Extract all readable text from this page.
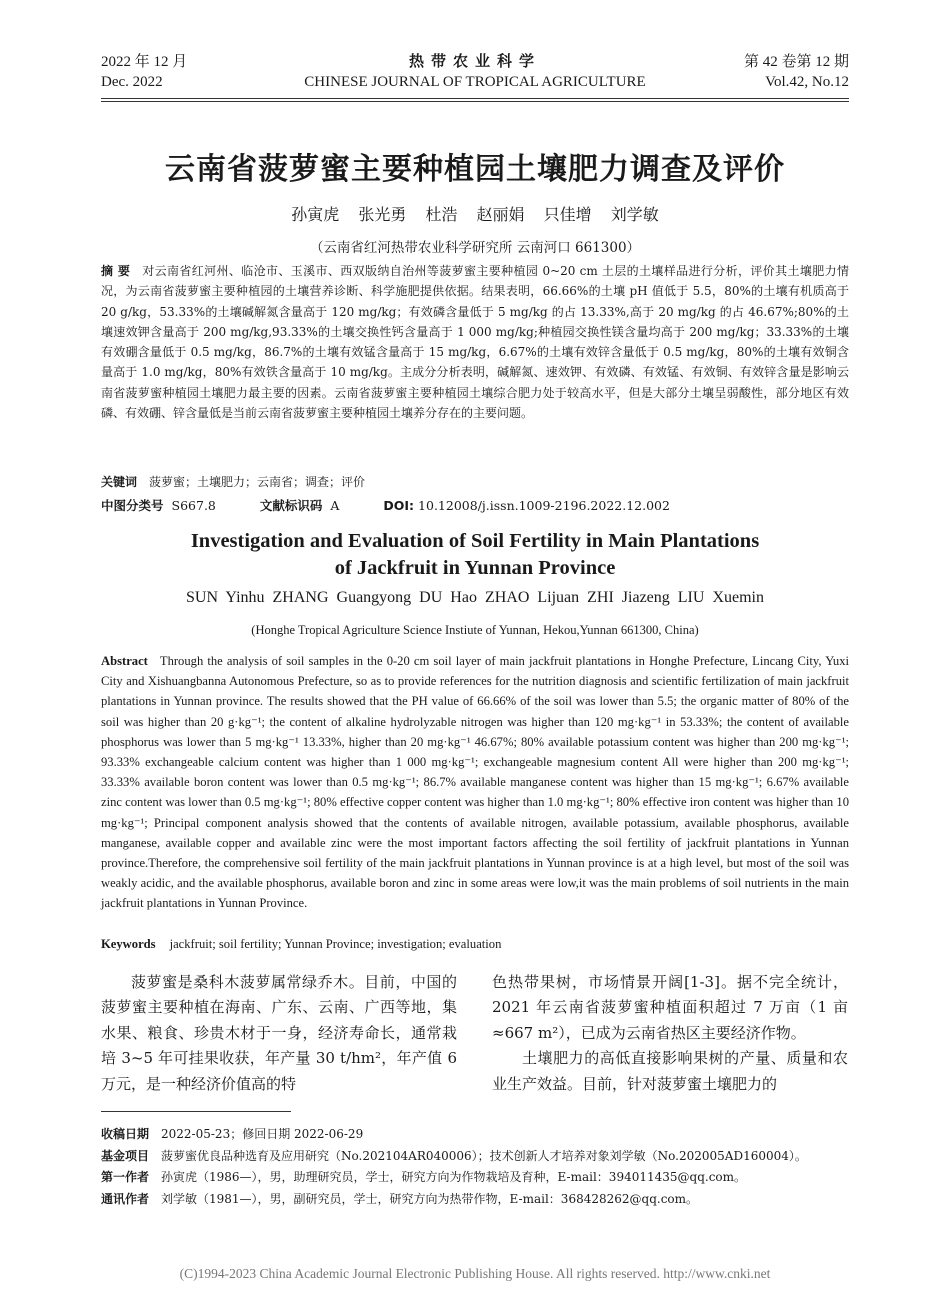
2022 年 12 月
Dec. 2022
热带农业科学
CHINESE JOURNAL OF TROPICAL AGRICULTURE
第 42 卷第 12 期
Vol.42, No.12
云南省菠萝蜜主要种植园土壤肥力调查及评价
孙寅虎 张光勇 杜浩 赵丽娟 只佳增 刘学敏
（云南省红河热带农业科学研究所 云南河口 661300）
摘 要 对云南省红河州、临沧市、玉溪市、西双版纳自治州等菠萝蜜主要种植园 0~20 cm 土层的土壤样品进行分析，评价其土壤肥力情况，为云南省菠萝蜜主要种植园的土壤营养诊断、科学施肥提供依据。结果表明，66.66%的土壤 pH 值低于 5.5，80%的土壤有机质高于 20 g/kg，53.33%的土壤碱解氮含量高于 120 mg/kg；有效磷含量低于 5 mg/kg 的占 13.33%,高于 20 mg/kg 的占 46.67%;80%的土壤速效钾含量高于 200 mg/kg,93.33%的土壤交换性钙含量高于 1 000 mg/kg;种植园交换性镁含量均高于 200 mg/kg；33.33%的土壤有效硼含量低于 0.5 mg/kg，86.7%的土壤有效锰含量高于 15 mg/kg，6.67%的土壤有效锌含量低于 0.5 mg/kg，80%的土壤有效铜含量高于 1.0 mg/kg，80%有效铁含量高于 10 mg/kg。主成分分析表明，碱解氮、速效钾、有效磷、有效锰、有效铜、有效锌含量是影响云南省菠萝蜜种植园土壤肥力最主要的因素。云南省菠萝蜜主要种植园土壤综合肥力处于较高水平，但是大部分土壤呈弱酸性，部分地区有效磷、有效硼、锌含量低是当前云南省菠萝蜜主要种植园土壤养分存在的主要问题。
关键词 菠萝蜜；土壤肥力；云南省；调查；评价
中图分类号 S667.8	文献标识码 A	DOI: 10.12008/j.issn.1009-2196.2022.12.002
Investigation and Evaluation of Soil Fertility in Main Plantations
of Jackfruit in Yunnan Province
SUN Yinhu ZHANG Guangyong DU Hao ZHAO Lijuan ZHI Jiazeng LIU Xuemin
(Honghe Tropical Agriculture Science Instiute of Yunnan, Hekou,Yunnan 661300, China)
Abstract Through the analysis of soil samples in the 0-20 cm soil layer of main jackfruit plantations in Honghe Prefecture, Lincang City, Yuxi City and Xishuangbanna Autonomous Prefecture, so as to provide references for the nutrition diagnosis and scientific fertilization of main jackfruit plantations in Yunnan province. The results showed that the PH value of 66.66% of the soil was lower than 5.5; the organic matter of 80% of the soil was higher than 20 g·kg⁻¹; the content of alkaline hydrolyzable nitrogen was higher than 120 mg·kg⁻¹ in 53.33%; the content of available phosphorus was lower than 5 mg·kg⁻¹ 13.33%, higher than 20 mg·kg⁻¹ 46.67%; 80% available potassium content was higher than 200 mg·kg⁻¹; 93.33% exchangeable calcium content was higher than 1 000 mg·kg⁻¹; exchangeable magnesium content All were higher than 200 mg·kg⁻¹; 33.33% available boron content was lower than 0.5 mg·kg⁻¹; 86.7% available manganese content was higher than 15 mg·kg⁻¹; 6.67% available zinc content was lower than 0.5 mg·kg⁻¹; 80% effective copper content was higher than 1.0 mg·kg⁻¹; 80% effective iron content was higher than 10 mg·kg⁻¹; Principal component analysis showed that the contents of available nitrogen, available potassium, available phosphorus, available manganese, available copper and available zinc were the most important factors affecting the soil fertility of jackfruit plantations in Yunnan province.Therefore, the comprehensive soil fertility of the main jackfruit plantations in Yunnan province is at a high level, but most of the soil was weakly acidic, and the available phosphorus, available boron and zinc in some areas were low,it was the main problems of soil nutrients in the main jackfruit plantations in Yunnan Province.
Keywords jackfruit; soil fertility; Yunnan Province; investigation; evaluation

菠萝蜜是桑科木菠萝属常绿乔木。目前，中国的菠萝蜜主要种植在海南、广东、云南、广西等地，集水果、粮食、珍贵木材于一身，经济寿命长，通常栽培 3~5 年可挂果收获，年产量 30 t/hm²，年产值 6 万元，是一种经济价值高的特

色热带果树，市场情景开阔[1-3]。据不完全统计，2021 年云南省菠萝蜜种植面积超过 7 万亩（1 亩≈667 m²），已成为云南省热区主要经济作物。

土壤肥力的高低直接影响果树的产量、质量和农业生产效益。目前，针对菠萝蜜土壤肥力的

收稿日期 2022-05-23；修回日期 2022-06-29
基金项目 菠萝蜜优良品种选育及应用研究（No.202104AR040006）；技术创新人才培养对象刘学敏（No.202005AD160004）。
第一作者 孙寅虎（1986—），男，助理研究员，学士，研究方向为作物栽培及育种，E-mail：394011435@qq.com。
通讯作者 刘学敏（1981—），男，副研究员，学士，研究方向为热带作物，E-mail：368428262@qq.com。
(C)1994-2023 China Academic Journal Electronic Publishing House. All rights reserved. http://www.cnki.net
